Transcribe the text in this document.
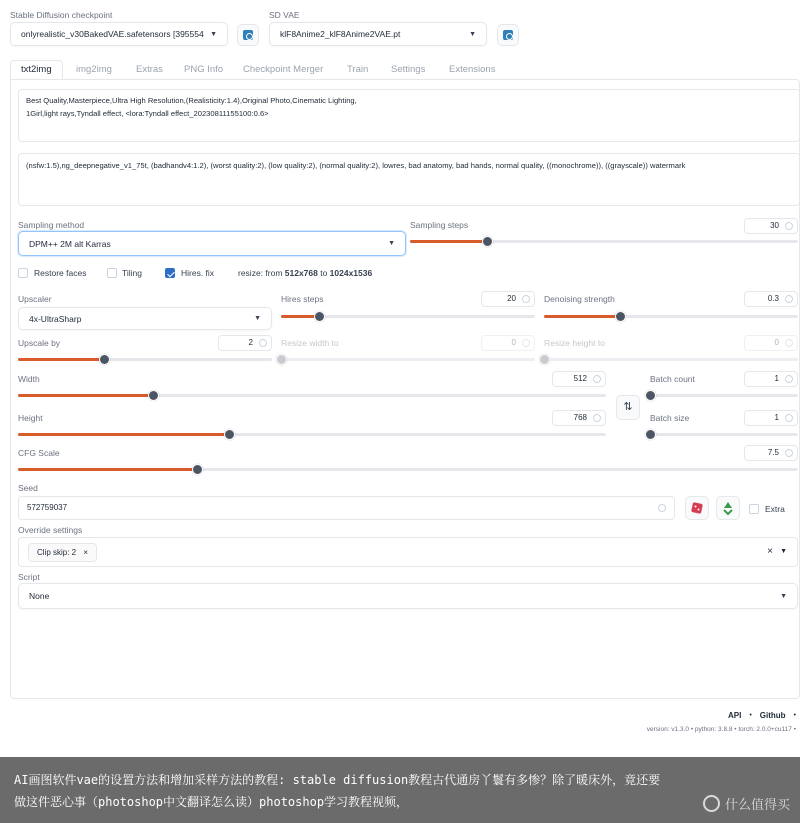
Stable Diffusion checkpoint
onlyrealistic_v30BakedVAE.safetensors [395554 ▼
SD VAE
klF8Anime2_klF8Anime2VAE.pt	▼
txt2img	img2img	Extras PNG Info Checkpoint Merger Train Settings Extensions
Best Quality,Masterpiece,Ultra High Resolution,(Realisticity:1.4),Original Photo,Cinematic Lighting,
1Girl,light rays,Tyndall effect, <lora:Tyndall effect_20230811155100:0.6>
(nsfw:1.5),ng_deepnegative_v1_75t, (badhandv4:1.2), (worst quality:2), (low quality:2), (normal quality:2), lowres, bad anatomy, bad hands, normal quality, ((monochrome)), ((grayscale)) watermark
Sampling method
DPM++ 2M alt Karras	▼
Sampling steps	30
Restore faces	Tiling	Hires. fix	resize: from 512x768 to 1024x1536
Upscaler
4x-UltraSharp	▼
Hires steps	20	Denoising strength	0.3
Upscale by	2	Resize width to	0	Resize height to	0
Width	512
Height	768
⇅
Batch count	1
Batch size	1
CFG Scale	7.5
Seed
572759037	Extra
Override settings
Clip skip: 2 ×	× ▼
Script
None	▼
API • Github •
version: v1.3.0 • python: 3.8.8 • torch: 2.0.0+cu117 •
AI画图软件vae的设置方法和增加采样方法的教程: stable diffusion教程古代通房丫鬟有多惨？除了暖床外，竟还要做这件恶心事（photoshop中文翻译怎么读）photoshop学习教程视频，	什么值得买
